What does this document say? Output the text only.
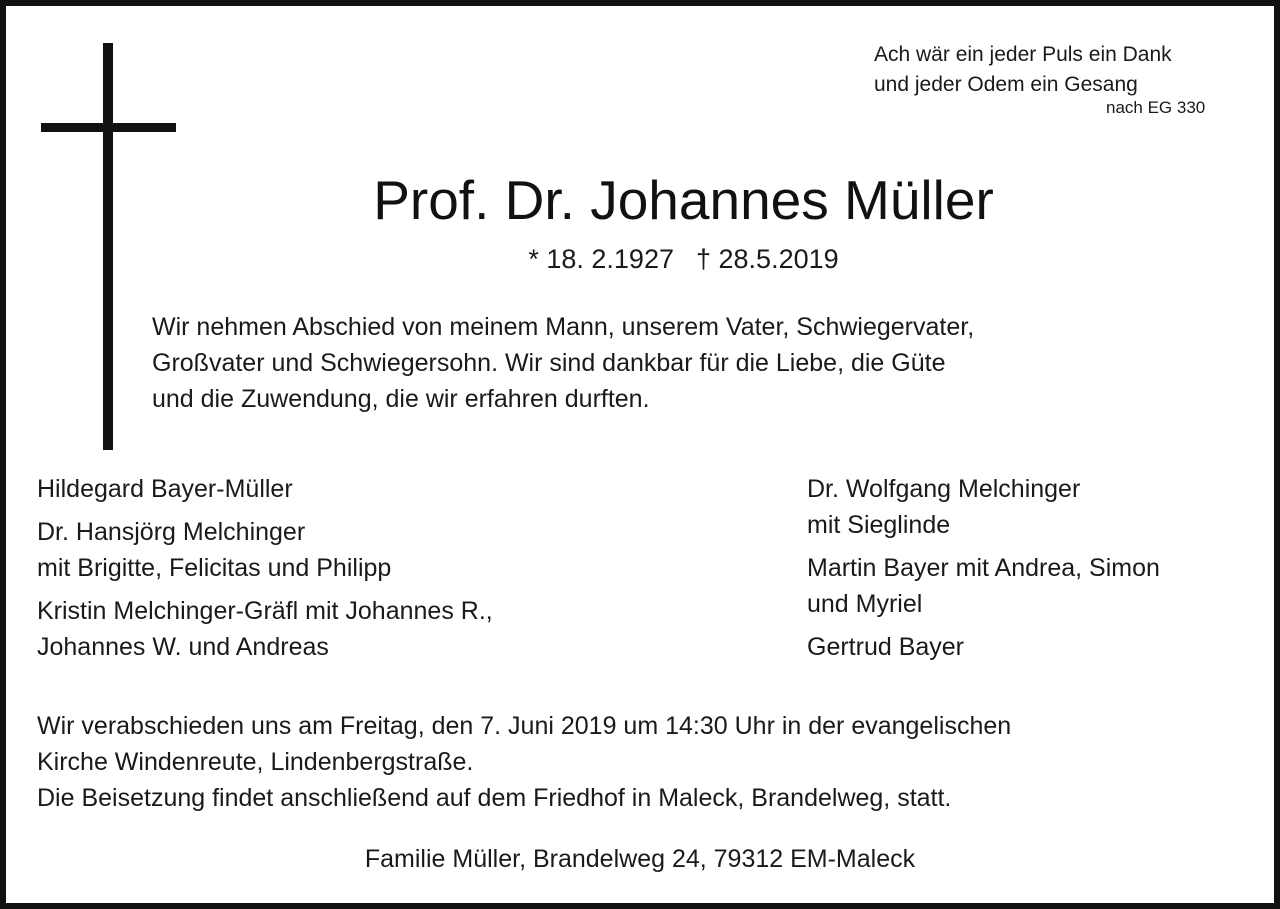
Ach wär ein jeder Puls ein Dank
und jeder Odem ein Gesang
nach EG 330
Prof. Dr. Johannes Müller
* 18. 2.1927 † 28.5.2019
Wir nehmen Abschied von meinem Mann, unserem Vater, Schwiegervater,
Großvater und Schwiegersohn. Wir sind dankbar für die Liebe, die Güte
und die Zuwendung, die wir erfahren durften.
Hildegard Bayer-Müller
Dr. Hansjörg Melchinger
mit Brigitte, Felicitas und Philipp
Kristin Melchinger-Gräfl mit Johannes R.,
Johannes W. und Andreas
Dr. Wolfgang Melchinger
mit Sieglinde
Martin Bayer mit Andrea, Simon
und Myriel
Gertrud Bayer
Wir verabschieden uns am Freitag, den 7. Juni 2019 um 14:30 Uhr in der evangelischen
Kirche Windenreute, Lindenbergstraße.
Die Beisetzung findet anschließend auf dem Friedhof in Maleck, Brandelweg, statt.
Familie Müller, Brandelweg 24, 79312 EM-Maleck
